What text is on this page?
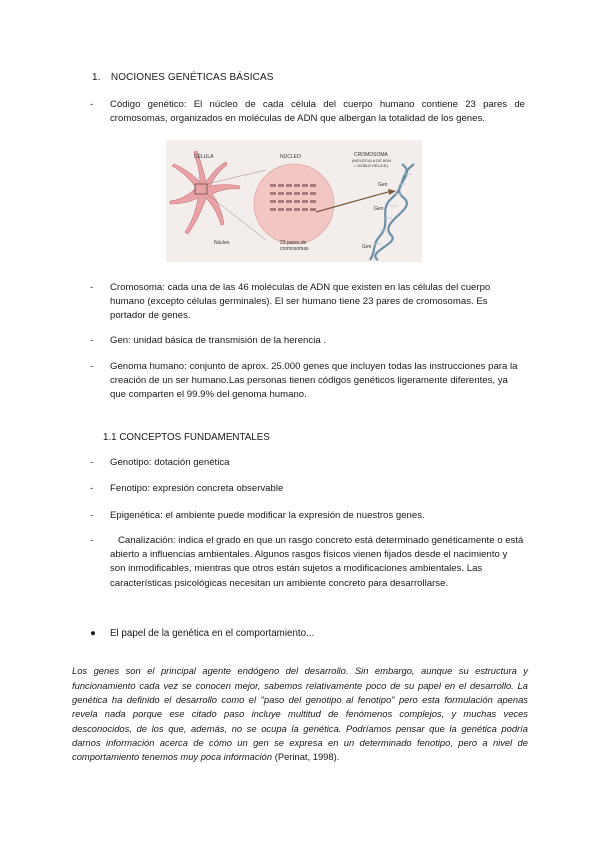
1. NOCIONES GENÉTICAS BÁSICAS
-	Código genético: El núcleo de cada célula del cuerpo humano contiene 23 pares de cromosomas, organizados en moléculas de ADN que albergan la totalidad de los genes.
CÉLULA	NÚCLEO	CROMOSOMA
(MOLÉCULA DE ADN
= DOBLE HÉLICE)
Núcleo	23 pares de
cromosomas
Gen
Gen
Gen
-	Cromosoma: cada una de las 46 moléculas de ADN que existen en las células del cuerpo humano (excepto células germinales). El ser humano tiene 23 pares de cromosomas. Es portador de genes.
-	Gen: unidad básica de transmisión de la herencia .
-	Genoma humano: conjunto de aprox. 25.000 genes que incluyen todas las instrucciones para la creación de un ser humano.Las personas tienen códigos genéticos ligeramente diferentes, ya que comparten el 99.9% del genoma humano.
1.1 CONCEPTOS FUNDAMENTALES
-	Genotipo: dotación genética
-	Fenotipo: expresión concreta observable
-	Epigenética: el ambiente puede modificar la expresión de nuestros genes.
-	Canalización: indica el grado en que un rasgo concreto está determinado genéticamente o está abierto a influencias ambientales. Algunos rasgos físicos vienen fijados desde el nacimiento y son inmodificables, mientras que otros están sujetos a modificaciones ambientales. Las características psicológicas necesitan un ambiente concreto para desarrollarse.
● El papel de la genética en el comportamiento...

Los genes son el principal agente endógeno del desarrollo. Sin embargo, aunque su estructura y funcionamiento cada vez se conocen mejor, sabemos relativamente poco de su papel en el desarrollo. La genética ha definido el desarrollo como el "paso del genotipo al fenotipo" pero esta formulación apenas revela nada porque ese citado paso incluye multitud de fenómenos complejos, y muchas veces desconocidos, de los que, además, no se ocupa la genética. Podríamos pensar que la genética podría darnos información acerca de cómo un gen se expresa en un determinado fenotipo, pero a nivel de comportamiento tenemos muy poca información (Perinat, 1998).
